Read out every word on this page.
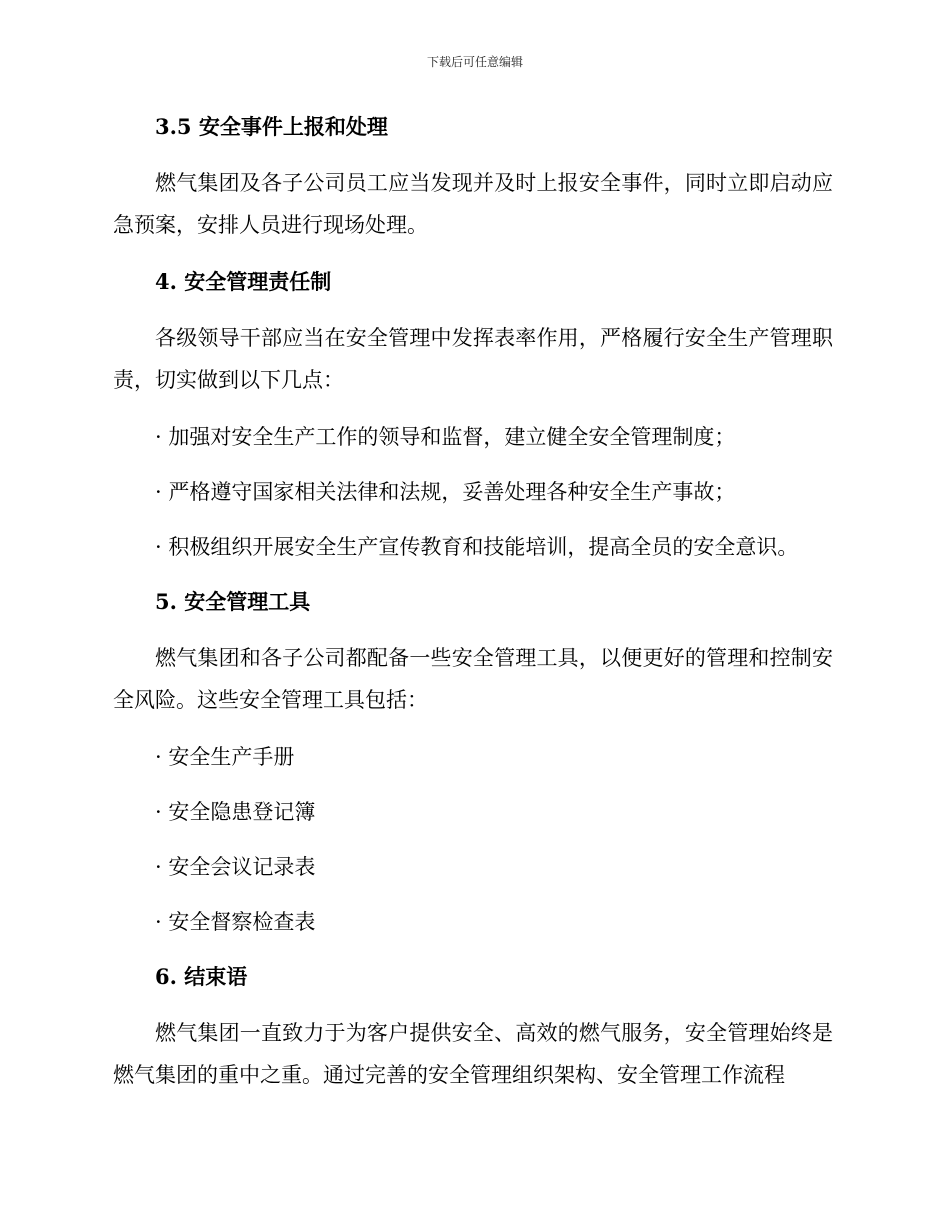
下载后可任意编辑
3.5 安全事件上报和处理

燃气集团及各子公司员工应当发现并及时上报安全事件，同时立即启动应急预案，安排人员进行现场处理。

4. 安全管理责任制

各级领导干部应当在安全管理中发挥表率作用，严格履行安全生产管理职责，切实做到以下几点：

· 加强对安全生产工作的领导和监督，建立健全安全管理制度；

· 严格遵守国家相关法律和法规，妥善处理各种安全生产事故；

· 积极组织开展安全生产宣传教育和技能培训，提高全员的安全意识。

5. 安全管理工具

燃气集团和各子公司都配备一些安全管理工具，以便更好的管理和控制安全风险。这些安全管理工具包括：

· 安全生产手册

· 安全隐患登记簿

· 安全会议记录表

· 安全督察检查表

6. 结束语

燃气集团一直致力于为客户提供安全、高效的燃气服务，安全管理始终是燃气集团的重中之重。通过完善的安全管理组织架构、安全管理工作流程
